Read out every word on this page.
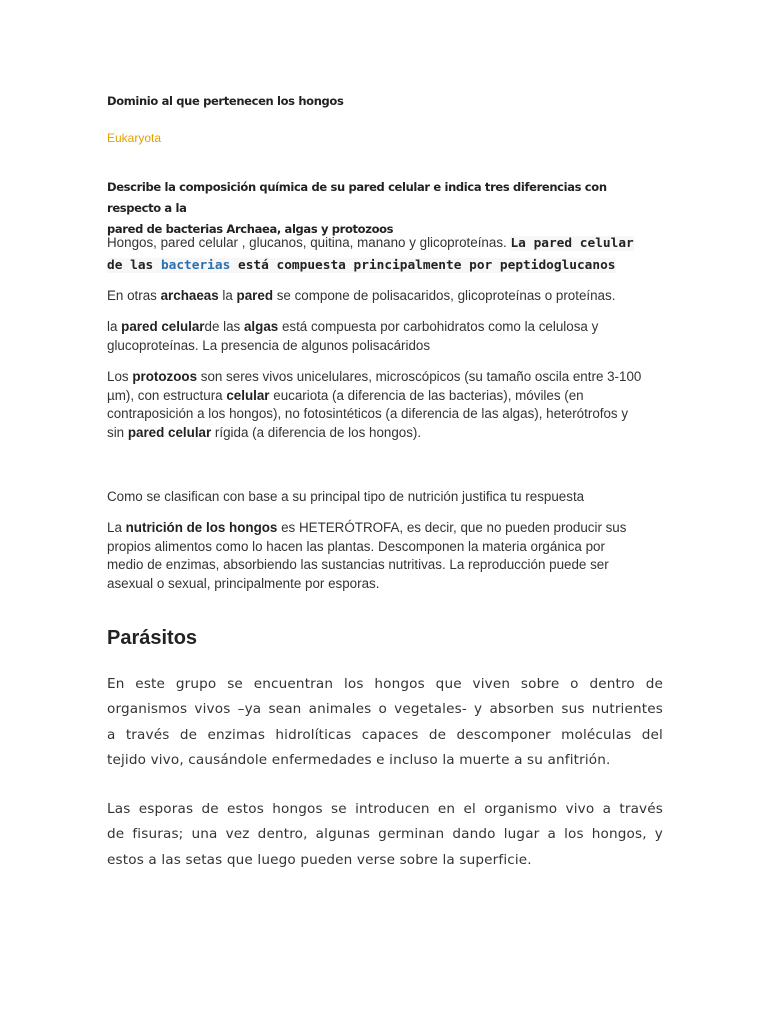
Dominio al que pertenecen los hongos
Eukaryota
Describe la composición química de su pared celular e indica tres diferencias con respecto a la
pared de bacterias Archaea, algas y protozoos
Hongos, pared celular , glucanos, quitina, manano y glicoproteínas. La pared celular
de las bacterias está compuesta principalmente por peptidoglucanos
En otras archaeas la pared se compone de polisacaridos, glicoproteínas o proteínas.
la pared celularde las algas está compuesta por carbohidratos como la celulosa y
glucoproteínas. La presencia de algunos polisacáridos
Los protozoos son seres vivos unicelulares, microscópicos (su tamaño oscila entre 3-100
µm), con estructura celular eucariota (a diferencia de las bacterias), móviles (en
contraposición a los hongos), no fotosintéticos (a diferencia de las algas), heterótrofos y
sin pared celular rígida (a diferencia de los hongos).
Como se clasifican con base a su principal tipo de nutrición justifica tu respuesta
La nutrición de los hongos es HETERÓTROFA, es decir, que no pueden producir sus
propios alimentos como lo hacen las plantas. Descomponen la materia orgánica por
medio de enzimas, absorbiendo las sustancias nutritivas. La reproducción puede ser
asexual o sexual, principalmente por esporas.
Parásitos
En este grupo se encuentran los hongos que viven sobre o dentro de
organismos vivos –ya sean animales o vegetales- y absorben sus nutrientes
a través de enzimas hidrolíticas capaces de descomponer moléculas del
tejido vivo, causándole enfermedades e incluso la muerte a su anfitrión.
Las esporas de estos hongos se introducen en el organismo vivo a través
de fisuras; una vez dentro, algunas germinan dando lugar a los hongos, y
estos a las setas que luego pueden verse sobre la superficie.
